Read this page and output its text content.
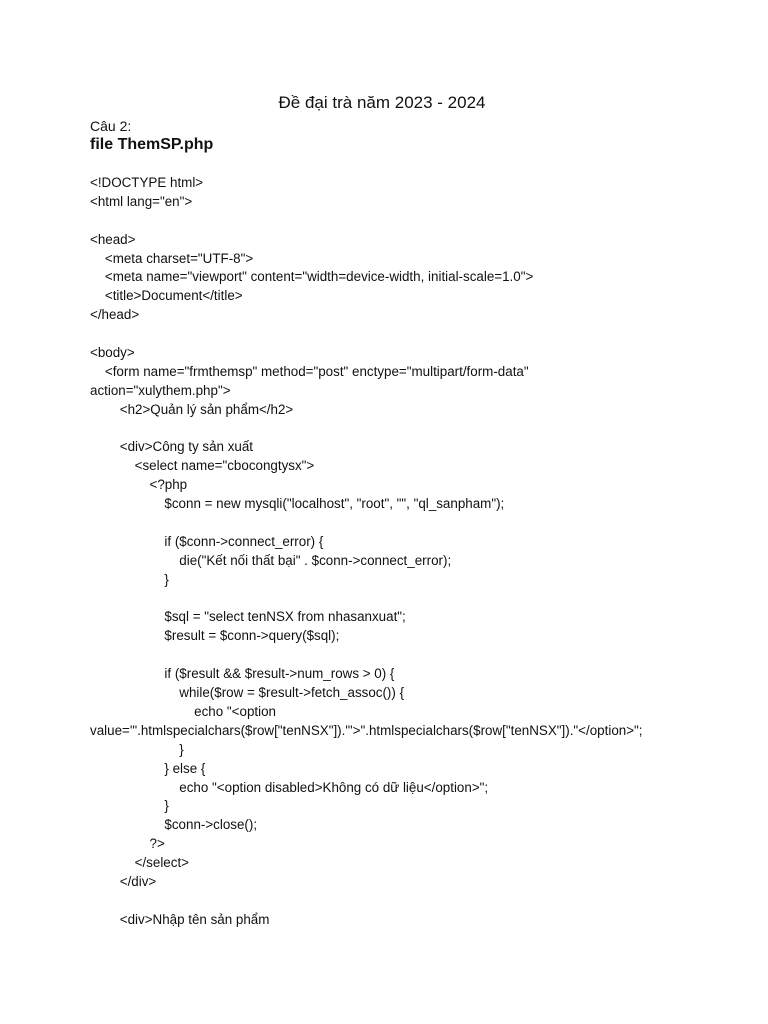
Đề đại trà năm 2023 - 2024
Câu 2:
file ThemSP.php
<!DOCTYPE html>
<html lang="en">
<head>
<meta charset="UTF-8">
<meta name="viewport" content="width=device-width, initial-scale=1.0">
<title>Document</title>
</head>
<body>
<form name="frmthemsp" method="post" enctype="multipart/form-data"
action="xulythem.php">
<h2>Quản lý sản phẩm</h2>
<div>Công ty sản xuất
<select name="cbocongtysx">
<?php
$conn = new mysqli("localhost", "root", "", "ql_sanpham");
if ($conn->connect_error) {
die("Kết nối thất bại" . $conn->connect_error);
}
$sql = "select tenNSX from nhasanxuat";
$result = $conn->query($sql);
if ($result && $result->num_rows > 0) {
while($row = $result->fetch_assoc()) {
echo "<option
value='".htmlspecialchars($row["tenNSX"])."'>".htmlspecialchars($row["tenNSX"])."</option>";
}
} else {
echo "<option disabled>Không có dữ liệu</option>";
}
$conn->close();
?>
</select>
</div>
<div>Nhập tên sản phẩm
